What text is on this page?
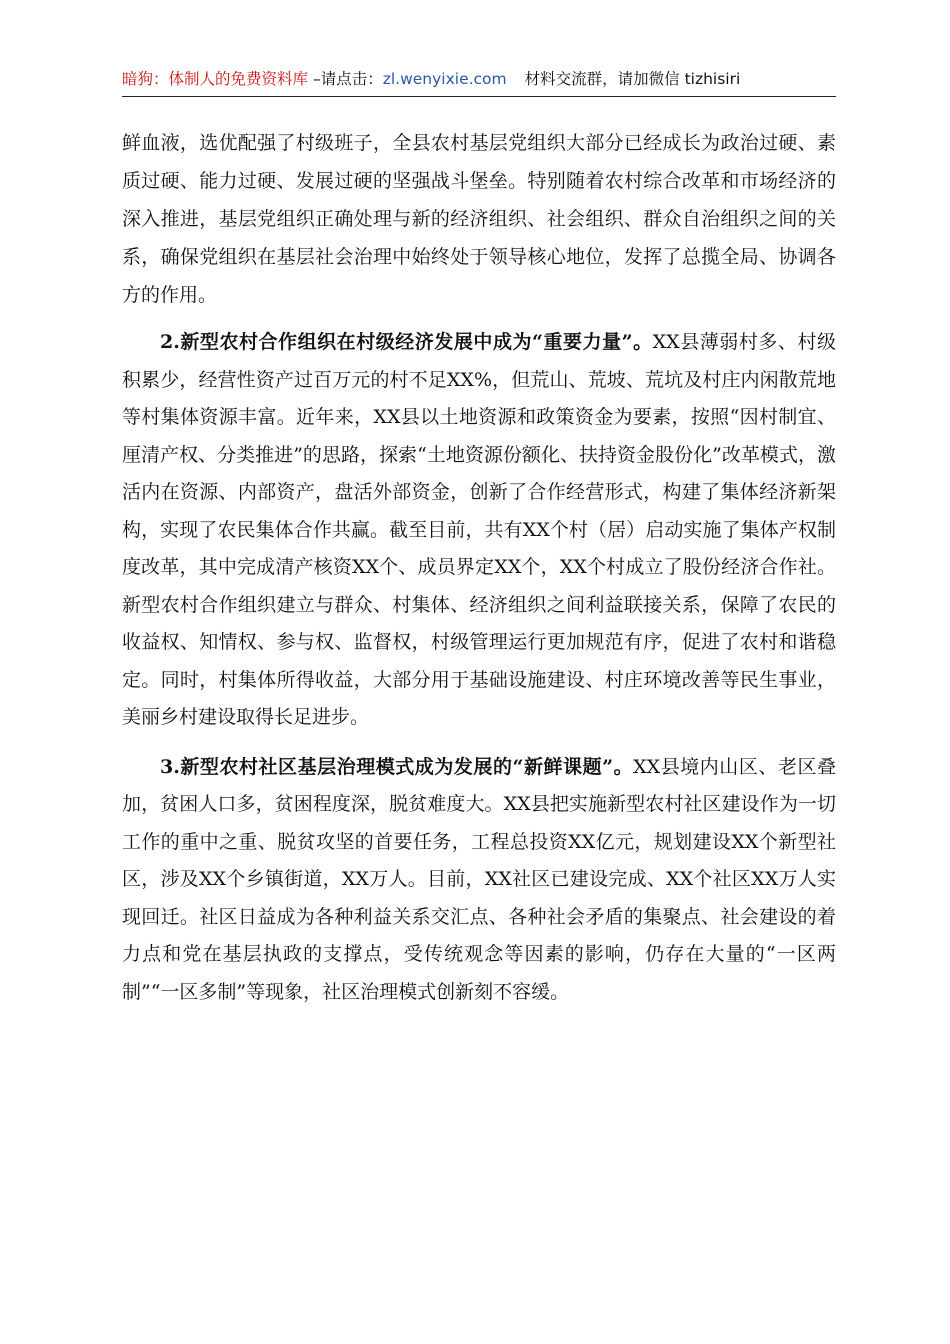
暗狗：体制人的免费资料库 –请点击：zl.wenyixie.com 材料交流群，请加微信 tizhisiri

鲜血液，选优配强了村级班子，全县农村基层党组织大部分已经成长为政治过硬、素质过硬、能力过硬、发展过硬的坚强战斗堡垒。特别随着农村综合改革和市场经济的深入推进，基层党组织正确处理与新的经济组织、社会组织、群众自治组织之间的关系，确保党组织在基层社会治理中始终处于领导核心地位，发挥了总揽全局、协调各方的作用。

2.新型农村合作组织在村级经济发展中成为“重要力量”。XX县薄弱村多、村级积累少，经营性资产过百万元的村不足XX%，但荒山、荒坡、荒坑及村庄内闲散荒地等村集体资源丰富。近年来，XX县以土地资源和政策资金为要素，按照“因村制宜、厘清产权、分类推进”的思路，探索“土地资源份额化、扶持资金股份化”改革模式，激活内在资源、内部资产，盘活外部资金，创新了合作经营形式，构建了集体经济新架构，实现了农民集体合作共赢。截至目前，共有XX个村（居）启动实施了集体产权制度改革，其中完成清产核资XX个、成员界定XX个，XX个村成立了股份经济合作社。新型农村合作组织建立与群众、村集体、经济组织之间利益联接关系，保障了农民的收益权、知情权、参与权、监督权，村级管理运行更加规范有序，促进了农村和谐稳定。同时，村集体所得收益，大部分用于基础设施建设、村庄环境改善等民生事业，美丽乡村建设取得长足进步。

3.新型农村社区基层治理模式成为发展的“新鲜课题”。XX县境内山区、老区叠加，贫困人口多，贫困程度深，脱贫难度大。XX县把实施新型农村社区建设作为一切工作的重中之重、脱贫攻坚的首要任务，工程总投资XX亿元，规划建设XX个新型社区，涉及XX个乡镇街道，XX万人。目前，XX社区已建设完成、XX个社区XX万人实现回迁。社区日益成为各种利益关系交汇点、各种社会矛盾的集聚点、社会建设的着力点和党在基层执政的支撑点，受传统观念等因素的影响，仍存在大量的“一区两制”“一区多制”等现象，社区治理模式创新刻不容缓。
